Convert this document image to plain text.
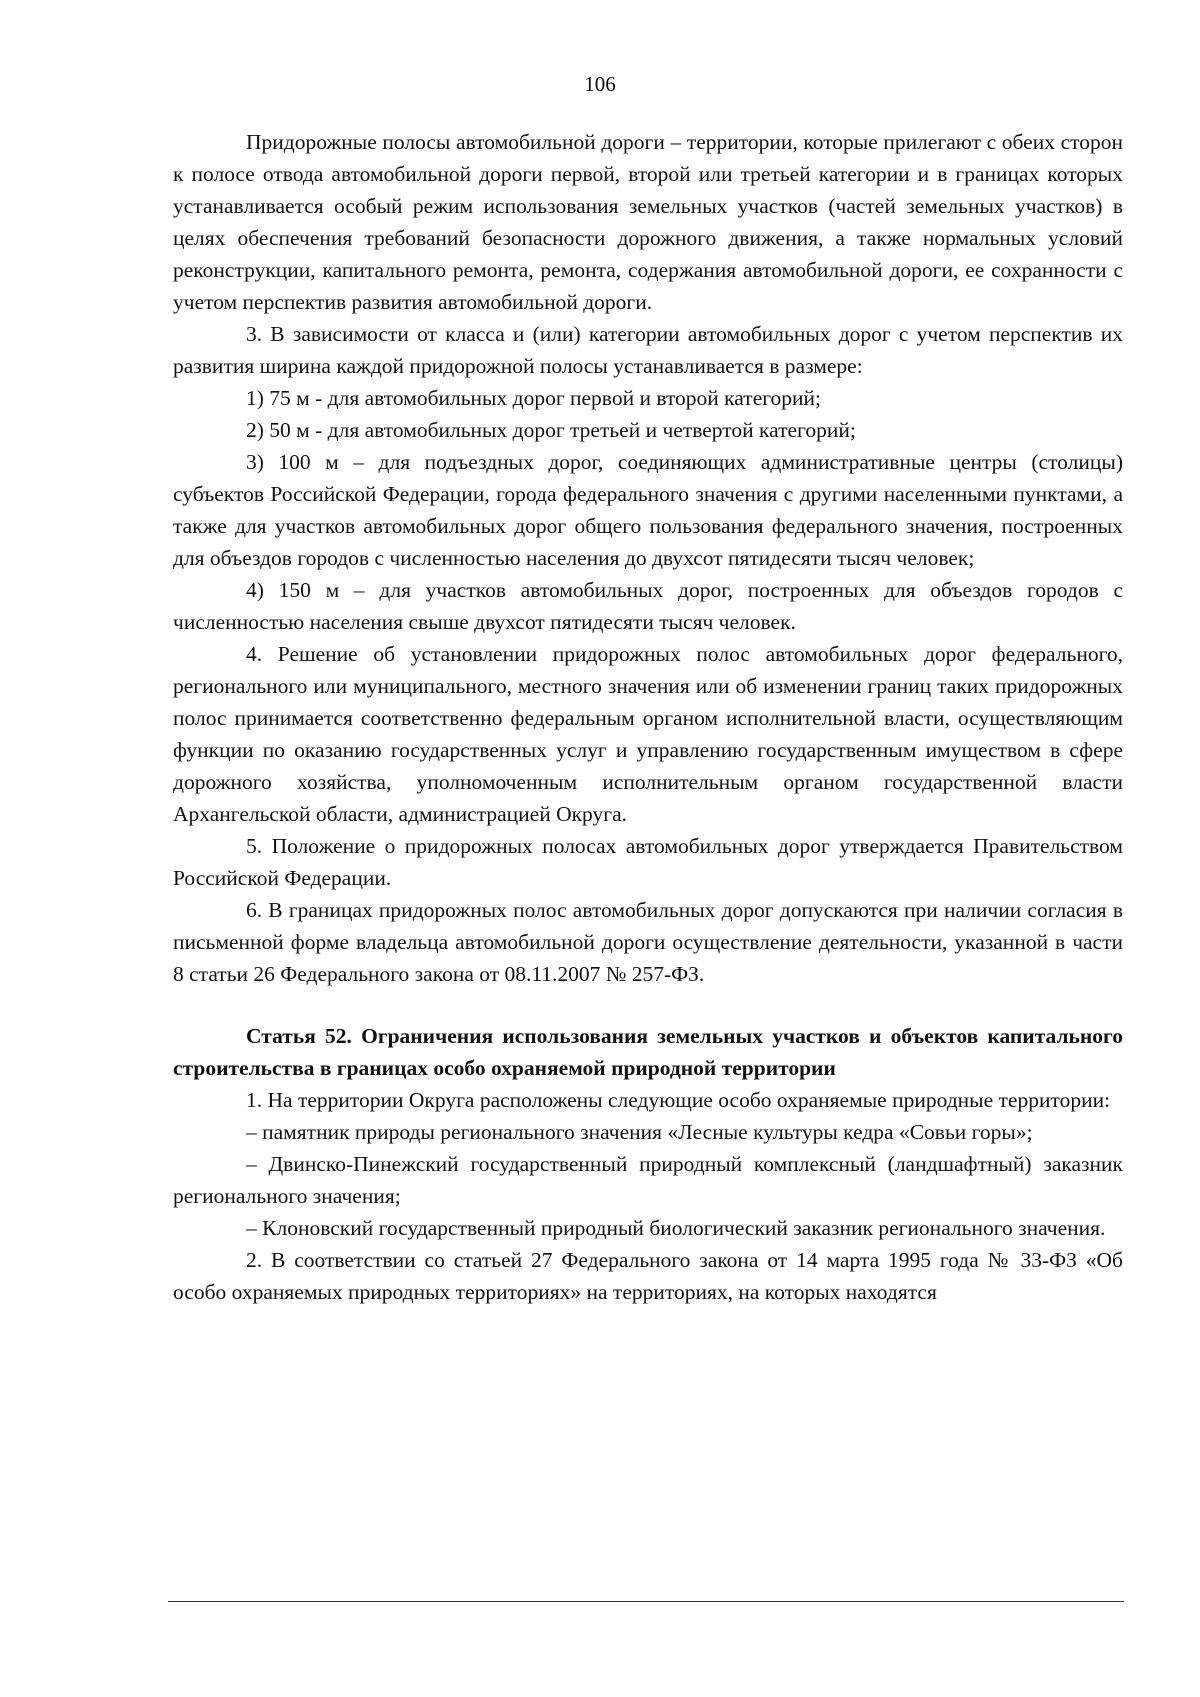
106

Придорожные полосы автомобильной дороги – территории, которые прилегают с обеих сторон к полосе отвода автомобильной дороги первой, второй или третьей категории и в границах которых устанавливается особый режим использования земельных участков (частей земельных участков) в целях обеспечения требований безопасности дорожного движения, а также нормальных условий реконструкции, капитального ремонта, ремонта, содержания автомобильной дороги, ее сохранности с учетом перспектив развития автомобильной дороги.

3. В зависимости от класса и (или) категории автомобильных дорог с учетом перспектив их развития ширина каждой придорожной полосы устанавливается в размере:

1) 75 м - для автомобильных дорог первой и второй категорий;

2) 50 м - для автомобильных дорог третьей и четвертой категорий;

3) 100 м – для подъездных дорог, соединяющих административные центры (столицы) субъектов Российской Федерации, города федерального значения с другими населенными пунктами, а также для участков автомобильных дорог общего пользования федерального значения, построенных для объездов городов с численностью населения до двухсот пятидесяти тысяч человек;

4) 150 м – для участков автомобильных дорог, построенных для объездов городов с численностью населения свыше двухсот пятидесяти тысяч человек.

4. Решение об установлении придорожных полос автомобильных дорог федерального, регионального или муниципального, местного значения или об изменении границ таких придорожных полос принимается соответственно федеральным органом исполнительной власти, осуществляющим функции по оказанию государственных услуг и управлению государственным имуществом в сфере дорожного хозяйства, уполномоченным исполнительным органом государственной власти Архангельской области, администрацией Округа.

5. Положение о придорожных полосах автомобильных дорог утверждается Правительством Российской Федерации.

6. В границах придорожных полос автомобильных дорог допускаются при наличии согласия в письменной форме владельца автомобильной дороги осуществление деятельности, указанной в части 8 статьи 26 Федерального закона от 08.11.2007 № 257-ФЗ.

Статья 52. Ограничения использования земельных участков и объектов капитального строительства в границах особо охраняемой природной территории

1. На территории Округа расположены следующие особо охраняемые природные территории:

– памятник природы регионального значения «Лесные культуры кедра «Совьи горы»;

– Двинско-Пинежский государственный природный комплексный (ландшафтный) заказник регионального значения;

– Клоновский государственный природный биологический заказник регионального значения.

2. В соответствии со статьей 27 Федерального закона от 14 марта 1995 года № 33-ФЗ «Об особо охраняемых природных территориях» на территориях, на которых находятся
